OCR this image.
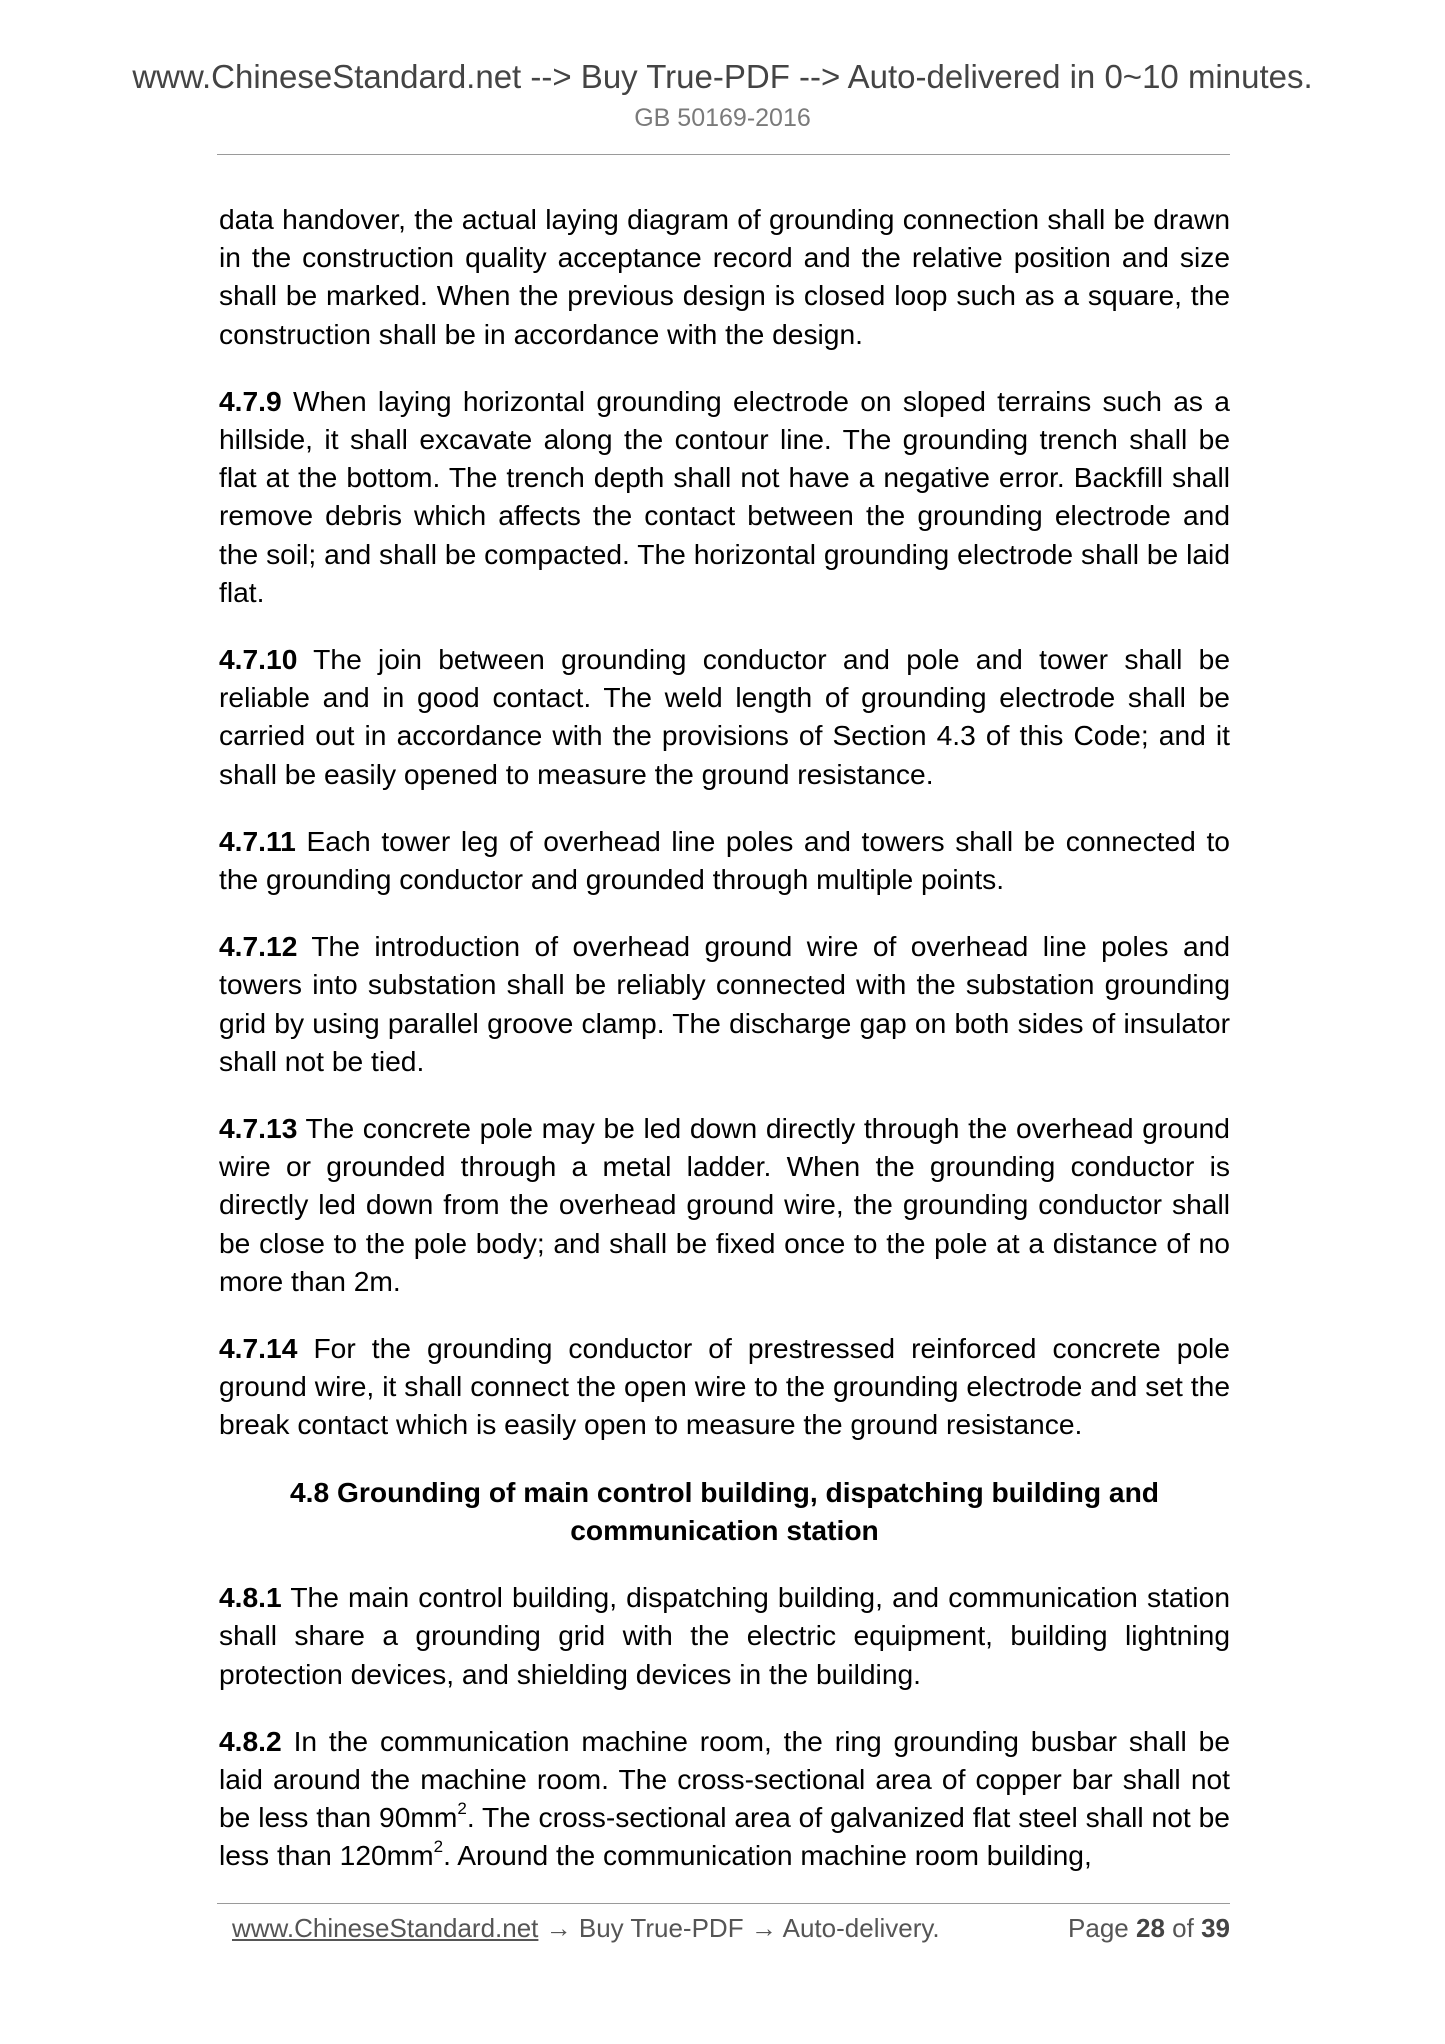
www.ChineseStandard.net --> Buy True-PDF --> Auto-delivered in 0~10 minutes.
GB 50169-2016

data handover, the actual laying diagram of grounding connection shall be drawn in the construction quality acceptance record and the relative position and size shall be marked. When the previous design is closed loop such as a square, the construction shall be in accordance with the design.

4.7.9 When laying horizontal grounding electrode on sloped terrains such as a hillside, it shall excavate along the contour line. The grounding trench shall be flat at the bottom. The trench depth shall not have a negative error. Backfill shall remove debris which affects the contact between the grounding electrode and the soil; and shall be compacted. The horizontal grounding electrode shall be laid flat.

4.7.10 The join between grounding conductor and pole and tower shall be reliable and in good contact. The weld length of grounding electrode shall be carried out in accordance with the provisions of Section 4.3 of this Code; and it shall be easily opened to measure the ground resistance.

4.7.11 Each tower leg of overhead line poles and towers shall be connected to the grounding conductor and grounded through multiple points.

4.7.12 The introduction of overhead ground wire of overhead line poles and towers into substation shall be reliably connected with the substation grounding grid by using parallel groove clamp. The discharge gap on both sides of insulator shall not be tied.

4.7.13 The concrete pole may be led down directly through the overhead ground wire or grounded through a metal ladder. When the grounding conductor is directly led down from the overhead ground wire, the grounding conductor shall be close to the pole body; and shall be fixed once to the pole at a distance of no more than 2m.

4.7.14 For the grounding conductor of prestressed reinforced concrete pole ground wire, it shall connect the open wire to the grounding electrode and set the break contact which is easily open to measure the ground resistance.

4.8 Grounding of main control building, dispatching building and communication station

4.8.1 The main control building, dispatching building, and communication station shall share a grounding grid with the electric equipment, building lightning protection devices, and shielding devices in the building.

4.8.2 In the communication machine room, the ring grounding busbar shall be laid around the machine room. The cross-sectional area of copper bar shall not be less than $90mm^2$. The cross-sectional area of galvanized flat steel shall not be less than $120mm^2$. Around the communication machine room building,

www.ChineseStandard.net → Buy True-PDF → Auto-delivery.	Page 28 of 39
